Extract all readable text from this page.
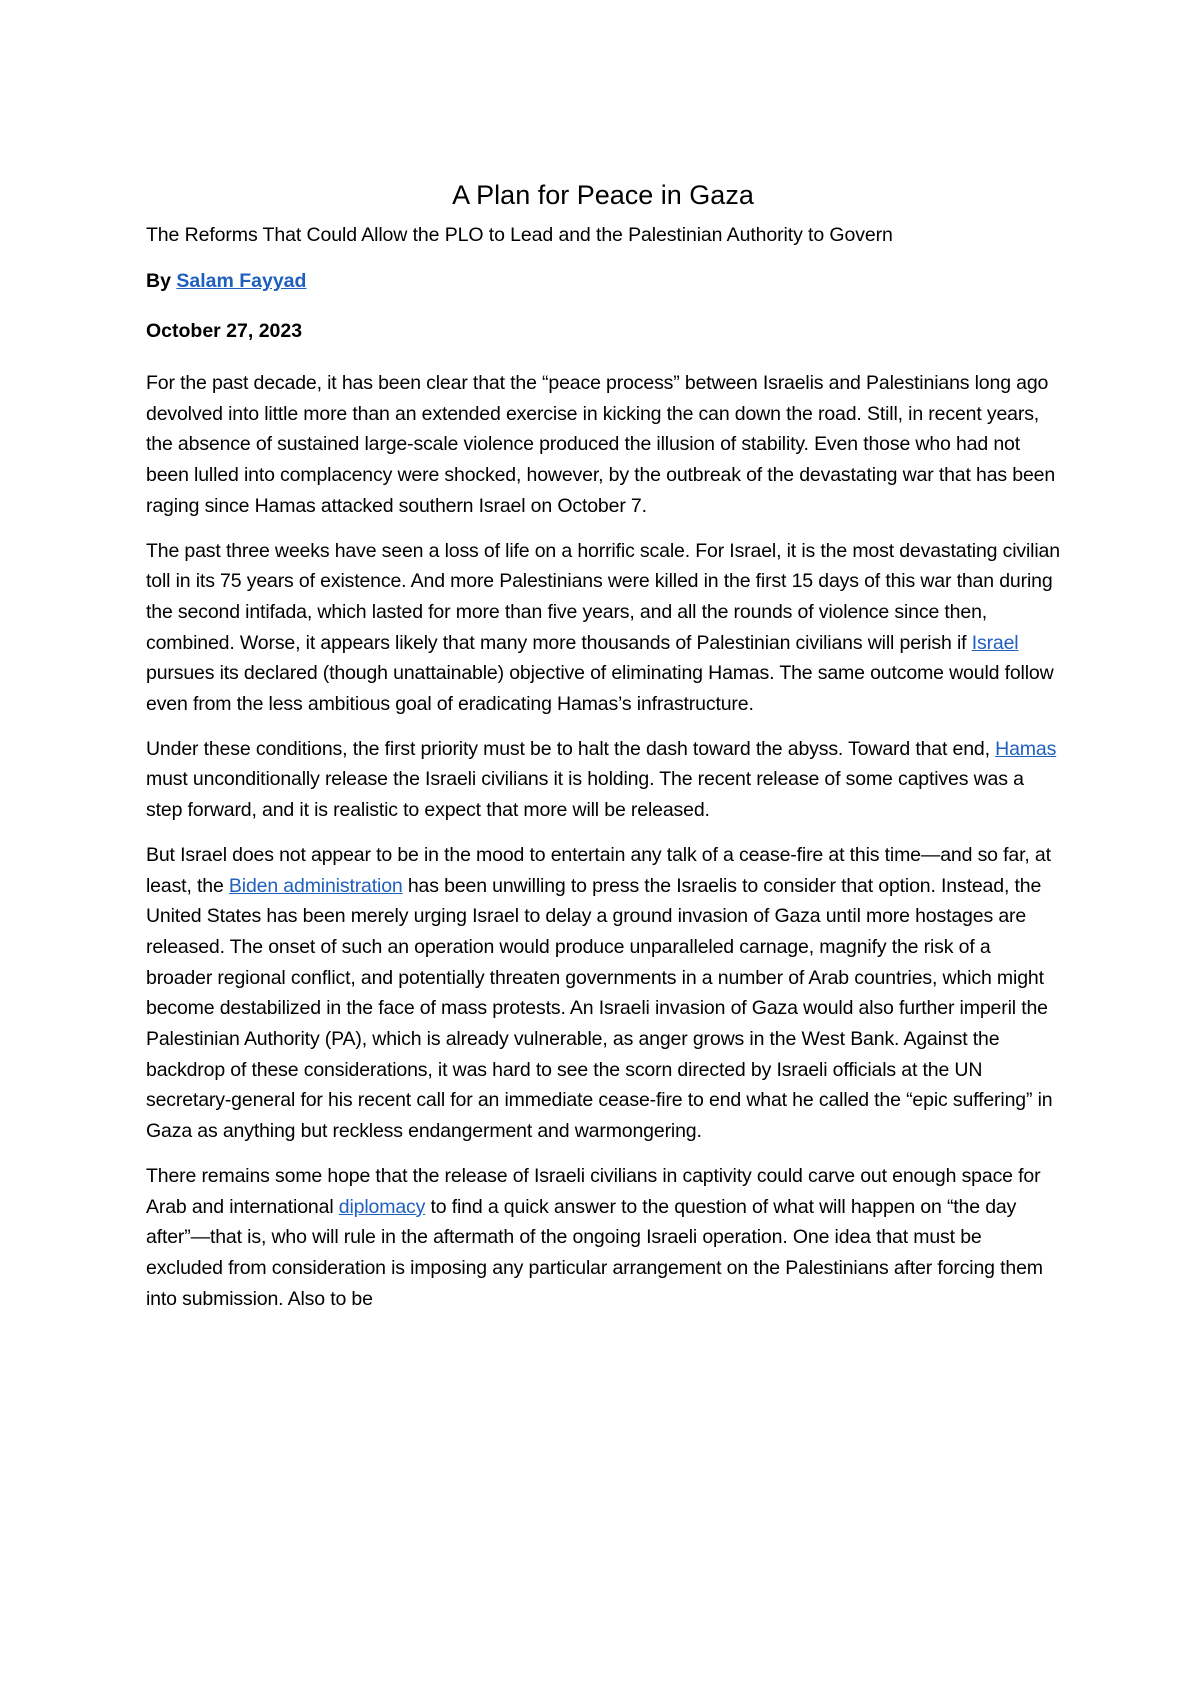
A Plan for Peace in Gaza
The Reforms That Could Allow the PLO to Lead and the Palestinian Authority to Govern
By Salam Fayyad
October 27, 2023

For the past decade, it has been clear that the “peace process” between Israelis and Palestinians long ago devolved into little more than an extended exercise in kicking the can down the road. Still, in recent years, the absence of sustained large-scale violence produced the illusion of stability. Even those who had not been lulled into complacency were shocked, however, by the outbreak of the devastating war that has been raging since Hamas attacked southern Israel on October 7.

The past three weeks have seen a loss of life on a horrific scale. For Israel, it is the most devastating civilian toll in its 75 years of existence. And more Palestinians were killed in the first 15 days of this war than during the second intifada, which lasted for more than five years, and all the rounds of violence since then, combined. Worse, it appears likely that many more thousands of Palestinian civilians will perish if Israel pursues its declared (though unattainable) objective of eliminating Hamas. The same outcome would follow even from the less ambitious goal of eradicating Hamas’s infrastructure.

Under these conditions, the first priority must be to halt the dash toward the abyss. Toward that end, Hamas must unconditionally release the Israeli civilians it is holding. The recent release of some captives was a step forward, and it is realistic to expect that more will be released.

But Israel does not appear to be in the mood to entertain any talk of a cease-fire at this time—and so far, at least, the Biden administration has been unwilling to press the Israelis to consider that option. Instead, the United States has been merely urging Israel to delay a ground invasion of Gaza until more hostages are released. The onset of such an operation would produce unparalleled carnage, magnify the risk of a broader regional conflict, and potentially threaten governments in a number of Arab countries, which might become destabilized in the face of mass protests. An Israeli invasion of Gaza would also further imperil the Palestinian Authority (PA), which is already vulnerable, as anger grows in the West Bank. Against the backdrop of these considerations, it was hard to see the scorn directed by Israeli officials at the UN secretary-general for his recent call for an immediate cease-fire to end what he called the “epic suffering” in Gaza as anything but reckless endangerment and warmongering.

There remains some hope that the release of Israeli civilians in captivity could carve out enough space for Arab and international diplomacy to find a quick answer to the question of what will happen on “the day after”—that is, who will rule in the aftermath of the ongoing Israeli operation. One idea that must be excluded from consideration is imposing any particular arrangement on the Palestinians after forcing them into submission. Also to be
